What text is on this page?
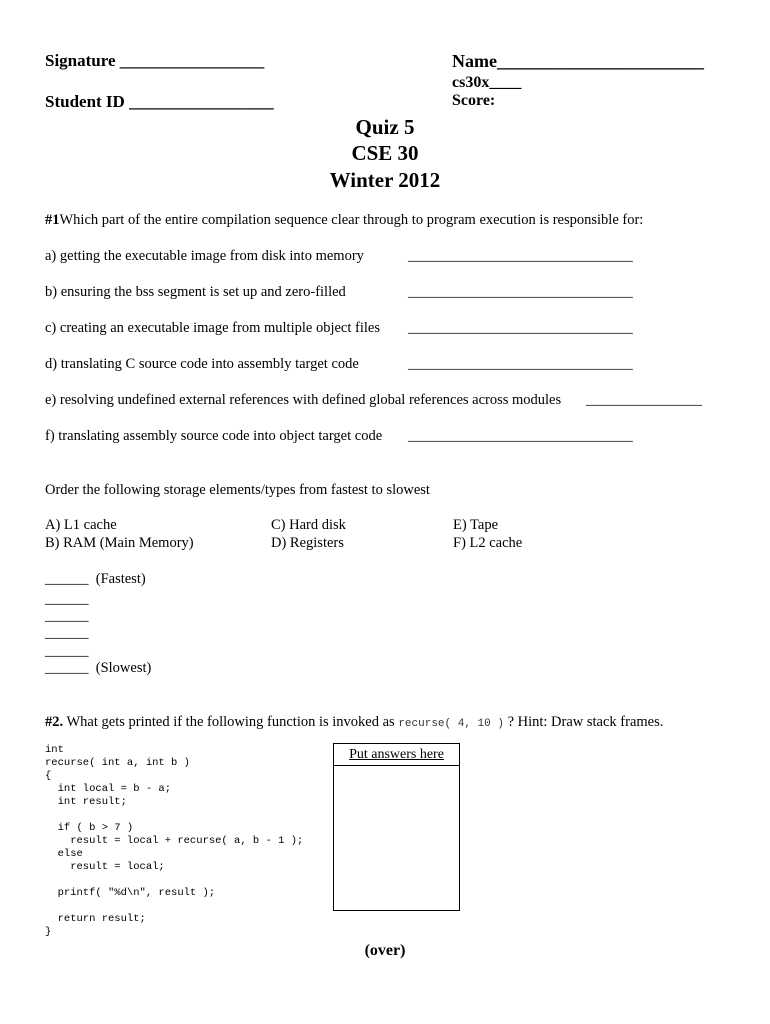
Signature _________________
Student ID _________________
Name_______________________
cs30x____
Score:
Quiz 5
CSE 30
Winter 2012
#1Which part of the entire compilation sequence clear through to program execution is responsible for:
a) getting the executable image from disk into memory	_______________________________
b) ensuring the bss segment is set up and zero-filled	_______________________________
c) creating an executable image from multiple object files _______________________________
d) translating C source code into assembly target code	_______________________________
e) resolving undefined external references with defined global references across modules ________________
f) translating assembly source code into object target code _______________________________
Order the following storage elements/types from fastest to slowest
A) L1 cache	C) Hard disk	E) Tape
B) RAM (Main Memory)	D) Registers	F) L2 cache
______  (Fastest)
______
______
______
______
______  (Slowest)
#2. What gets printed if the following function is invoked as recurse( 4, 10 ) ? Hint: Draw stack frames.
int
recurse( int a, int b )
{
int local = b - a;
int result;
if ( b > 7 )
result = local + recurse( a, b - 1 );
else
result = local;
printf( "%d\n", result );
return result;
}
Put answers here
(over)
